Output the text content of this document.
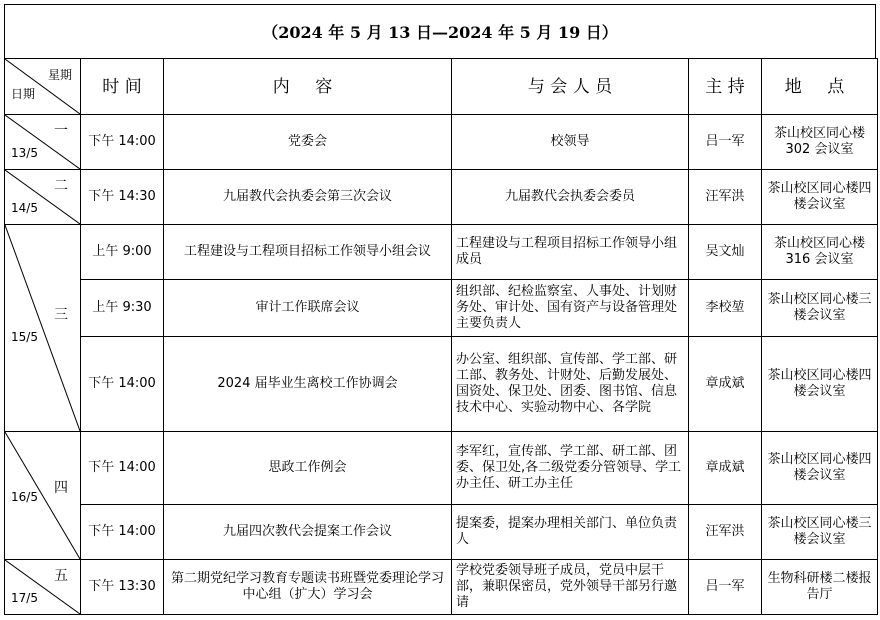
（2024 年 5 月 13 日—2024 年 5 月 19 日）
星期
日期	时 间	内 容	与 会 人 员	主 持	地 点

一
13/5	下午 14:00	党委会	校领导	吕一军	茶山校区同心楼 302 会议室

二
14/5	下午 14:30	九届教代会执委会第三次会议	九届教代会执委会委员	汪军洪	茶山校区同心楼四楼会议室

三
15/5	上午 9:00	工程建设与工程项目招标工作领导小组会议	工程建设与工程项目招标工作领导小组成员	吴文灿	茶山校区同心楼 316 会议室
	上午 9:30	审计工作联席会议	组织部、纪检监察室、人事处、计划财务处、审计处、国有资产与设备管理处主要负责人	李校堃	茶山校区同心楼三楼会议室
	下午 14:00	2024 届毕业生离校工作协调会	办公室、组织部、宣传部、学工部、研工部、教务处、计财处、后勤发展处、国资处、保卫处、团委、图书馆、信息技术中心、实验动物中心、各学院	章成斌	茶山校区同心楼四楼会议室

四
16/5	下午 14:00	思政工作例会	李军红，宣传部、学工部、研工部、团委、保卫处,各二级党委分管领导、学工办主任、研工办主任	章成斌	茶山校区同心楼四楼会议室
	下午 14:00	九届四次教代会提案工作会议	提案委，提案办理相关部门、单位负责人	汪军洪	茶山校区同心楼三楼会议室

五
17/5	下午 13:30	第二期党纪学习教育专题读书班暨党委理论学习中心组（扩大）学习会	学校党委领导班子成员，党员中层干部，兼职保密员，党外领导干部另行邀请	吕一军	生物科研楼二楼报告厅
